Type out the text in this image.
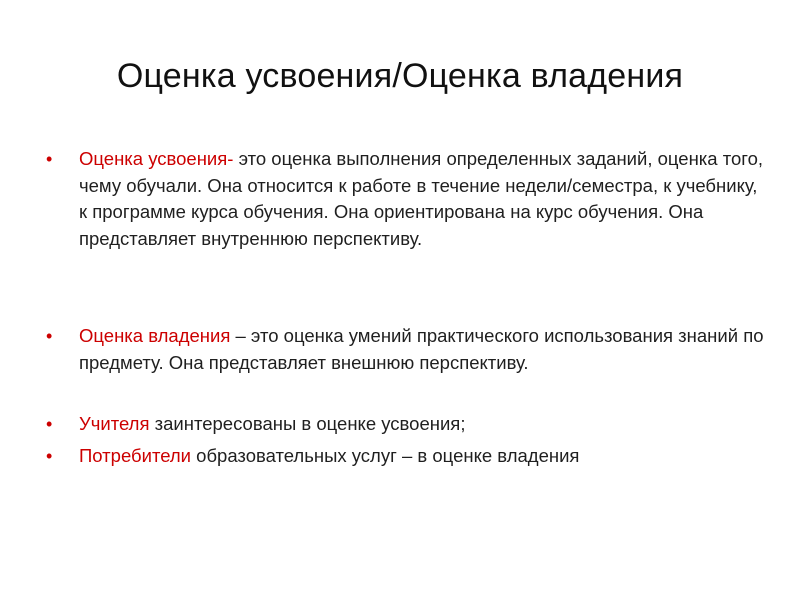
Оценка усвоения/Оценка владения
• Оценка усвоения- это оценка выполнения определенных заданий, оценка того, чему обучали. Она относится к работе в течение недели/семестра, к учебнику, к программе курса обучения. Она ориентирована на курс обучения. Она представляет внутреннюю перспективу.
• Оценка владения – это оценка умений практического использования знаний по предмету. Она представляет внешнюю перспективу.
• Учителя заинтересованы в оценке усвоения;
• Потребители образовательных услуг – в оценке владения
